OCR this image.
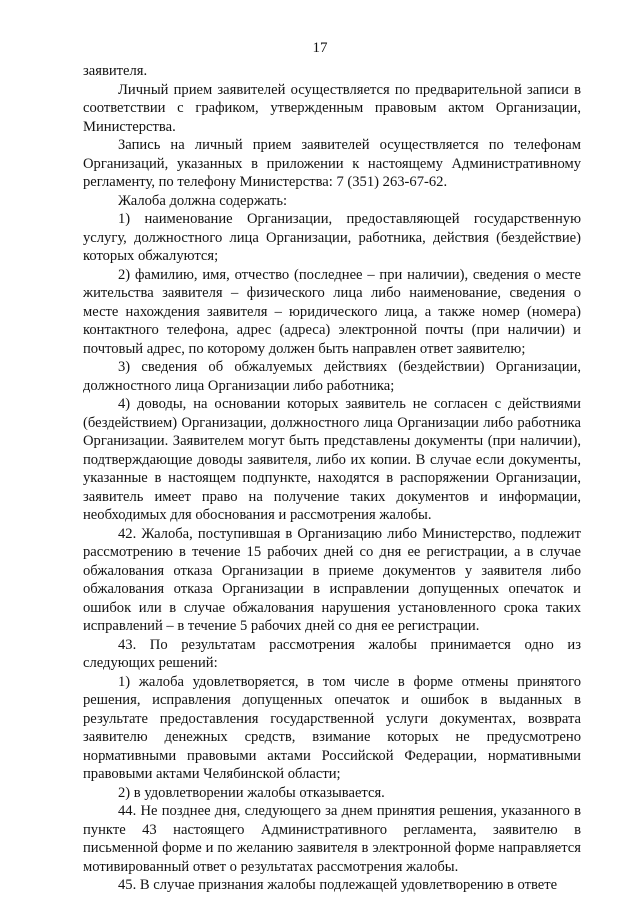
17

заявителя.

Личный прием заявителей осуществляется по предварительной записи в соответствии с графиком, утвержденным правовым актом Организации, Министерства.

Запись на личный прием заявителей осуществляется по телефонам Организаций, указанных в приложении к настоящему Административному регламенту, по телефону Министерства: 7 (351) 263-67-62.

Жалоба должна содержать:

1) наименование Организации, предоставляющей государственную услугу, должностного лица Организации, работника, действия (бездействие) которых обжалуются;

2) фамилию, имя, отчество (последнее – при наличии), сведения о месте жительства заявителя – физического лица либо наименование, сведения о месте нахождения заявителя – юридического лица, а также номер (номера) контактного телефона, адрес (адреса) электронной почты (при наличии) и почтовый адрес, по которому должен быть направлен ответ заявителю;

3) сведения об обжалуемых действиях (бездействии) Организации, должностного лица Организации либо работника;

4) доводы, на основании которых заявитель не согласен с действиями (бездействием) Организации, должностного лица Организации либо работника Организации. Заявителем могут быть представлены документы (при наличии), подтверждающие доводы заявителя, либо их копии. В случае если документы, указанные в настоящем подпункте, находятся в распоряжении Организации, заявитель имеет право на получение таких документов и информации, необходимых для обоснования и рассмотрения жалобы.

42. Жалоба, поступившая в Организацию либо Министерство, подлежит рассмотрению в течение 15 рабочих дней со дня ее регистрации, а в случае обжалования отказа Организации в приеме документов у заявителя либо обжалования отказа Организации в исправлении допущенных опечаток и ошибок или в случае обжалования нарушения установленного срока таких исправлений – в течение 5 рабочих дней со дня ее регистрации.

43. По результатам рассмотрения жалобы принимается одно из следующих решений:

1) жалоба удовлетворяется, в том числе в форме отмены принятого решения, исправления допущенных опечаток и ошибок в выданных в результате предоставления государственной услуги документах, возврата заявителю денежных средств, взимание которых не предусмотрено нормативными правовыми актами Российской Федерации, нормативными правовыми актами Челябинской области;

2) в удовлетворении жалобы отказывается.

44. Не позднее дня, следующего за днем принятия решения, указанного в пункте 43 настоящего Административного регламента, заявителю в письменной форме и по желанию заявителя в электронной форме направляется мотивированный ответ о результатах рассмотрения жалобы.

45. В случае признания жалобы подлежащей удовлетворению в ответе
